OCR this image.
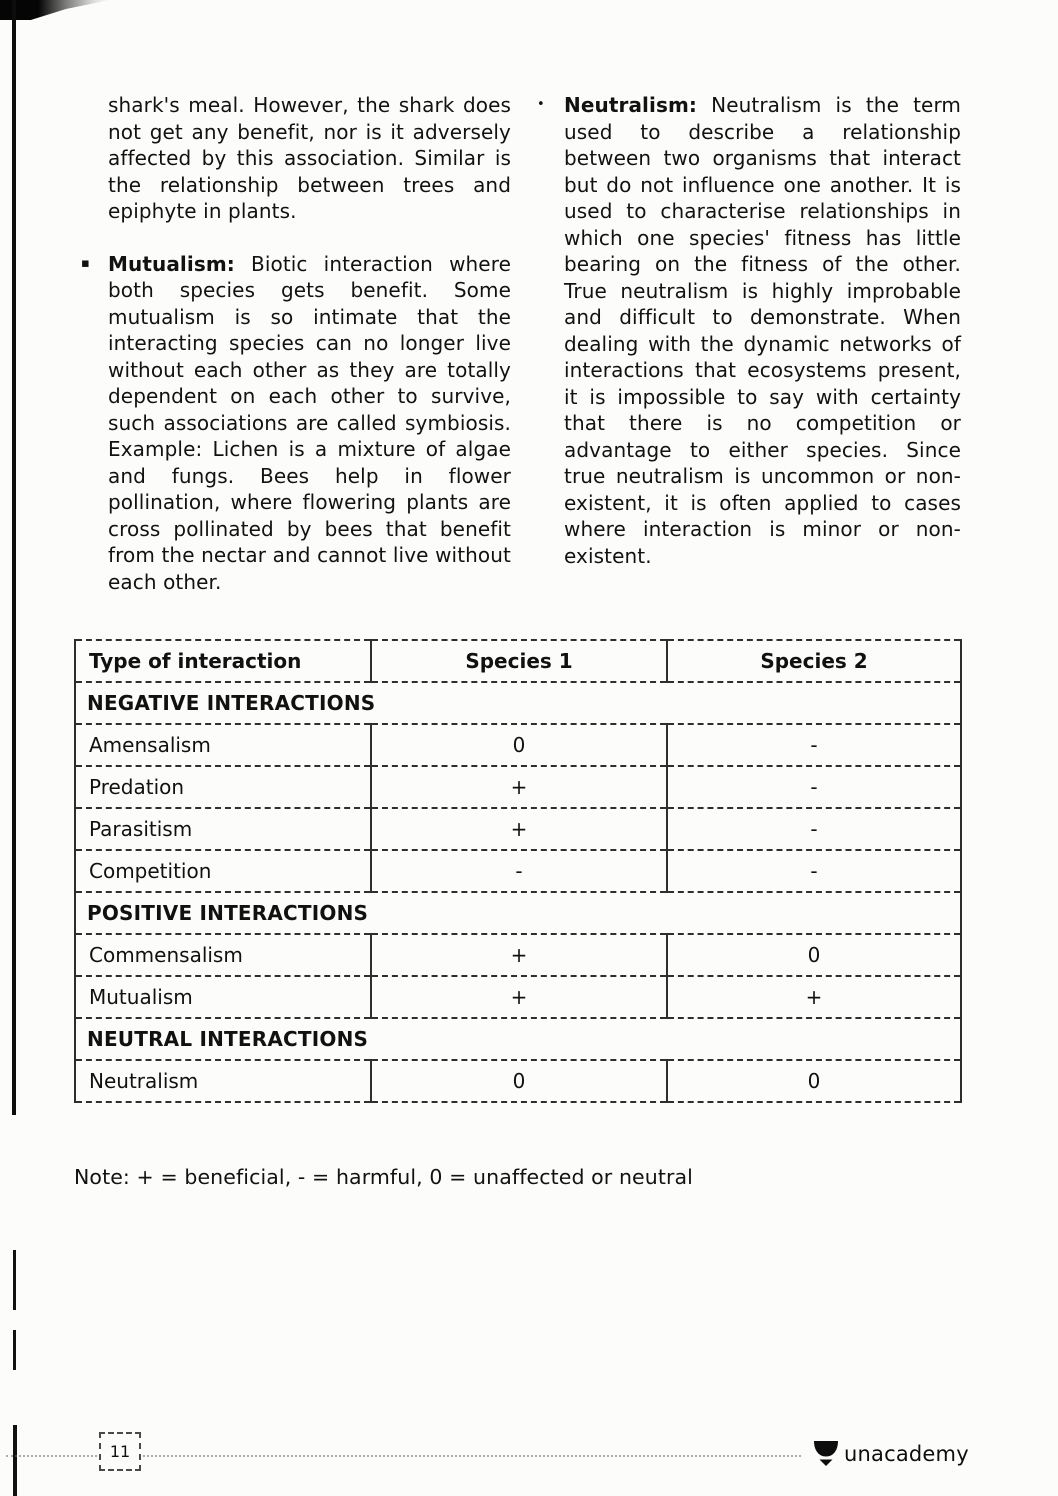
shark's meal. However, the shark does not get any benefit, nor is it adversely affected by this association. Similar is the relationship between trees and epiphyte in plants.

▪ Mutualism: Biotic interaction where both species gets benefit. Some mutualism is so intimate that the interacting species can no longer live without each other as they are totally dependent on each other to survive, such associations are called symbiosis. Example: Lichen is a mixture of algae and fungs. Bees help in flower pollination, where flowering plants are cross pollinated by bees that benefit from the nectar and cannot live without each other.

• Neutralism: Neutralism is the term used to describe a relationship between two organisms that interact but do not influence one another. It is used to characterise relationships in which one species' fitness has little bearing on the fitness of the other. True neutralism is highly improbable and difficult to demonstrate. When dealing with the dynamic networks of interactions that ecosystems present, it is impossible to say with certainty that there is no competition or advantage to either species. Since true neutralism is uncommon or non-existent, it is often applied to cases where interaction is minor or non-existent.

Type of interaction	Species 1	Species 2
NEGATIVE INTERACTIONS		
Amensalism	0	-
Predation	+	-
Parasitism	+	-
Competition	-	-
POSITIVE INTERACTIONS		
Commensalism	+	0
Mutualism	+	+
NEUTRAL INTERACTIONS		
Neutralism	0	0
Note: + = beneficial, - = harmful, 0 = unaffected or neutral
11	unacademy
